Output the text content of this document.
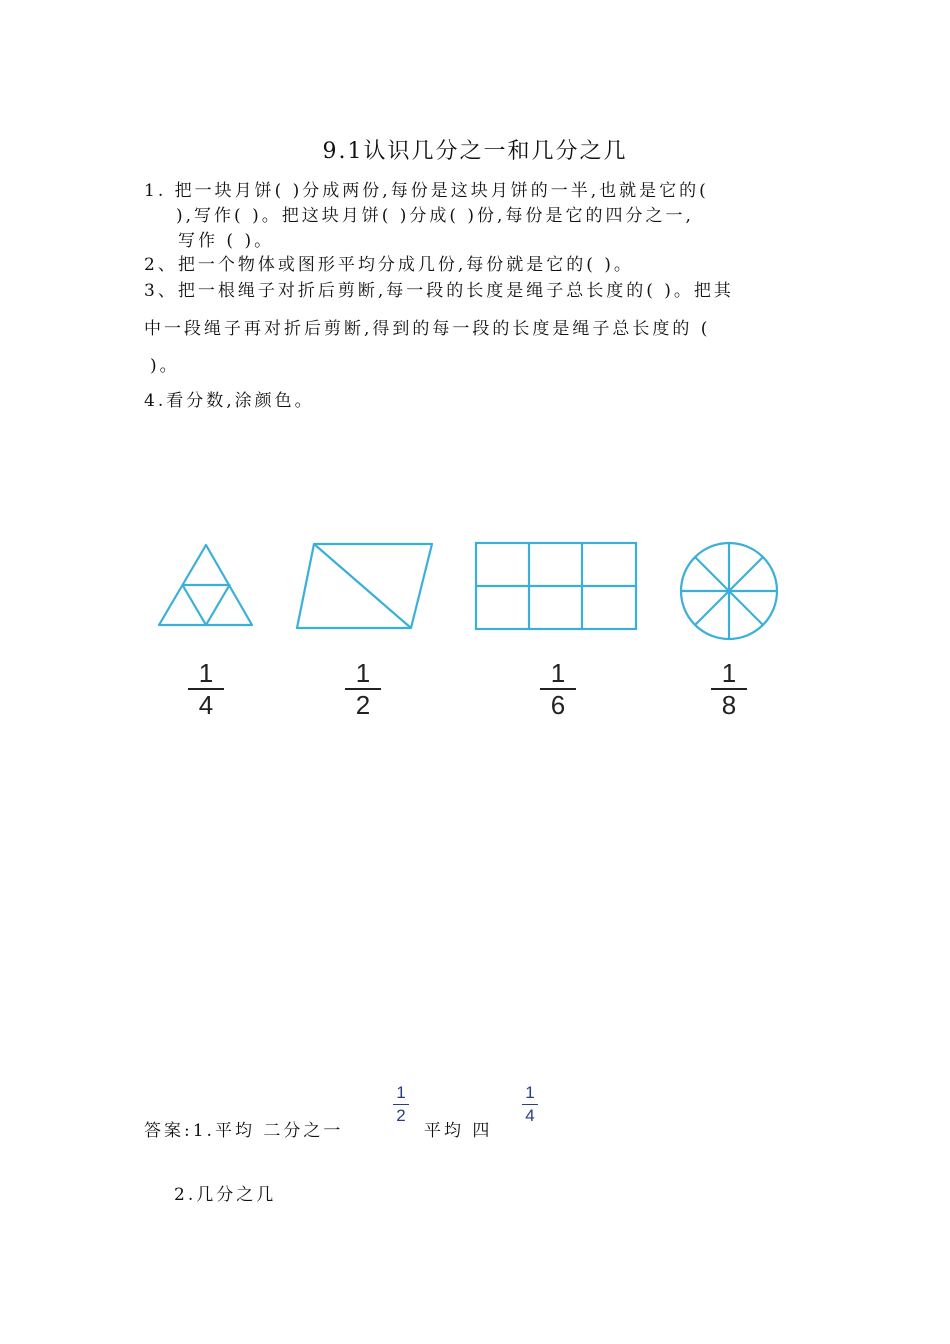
9.1认识几分之一和几分之几
1. 把一块月饼( )分成两份,每份是这块月饼的一半,也就是它的(
),写作( )。把这块月饼( )分成( )份,每份是它的四分之一,
写作 ( )。
2、把一个物体或图形平均分成几份,每份就是它的( )。
3、把一根绳子对折后剪断,每一段的长度是绳子总长度的( )。把其
中一段绳子再对折后剪断,得到的每一段的长度是绳子总长度的 (
)。
4.看分数,涂颜色。
1
4
1
2
1
6
1
8
答案:1.平均 二分之一
1
2
平均 四
1
4
2.几分之几
